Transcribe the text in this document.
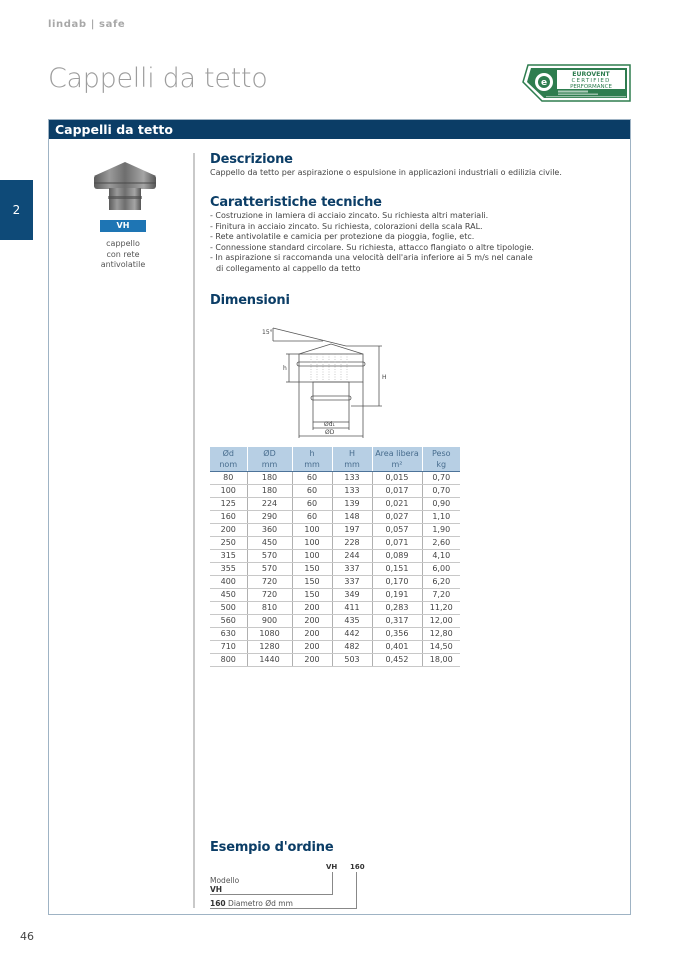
lindab | safe
Cappelli da tetto	e
EUROVENT
CERTIFIED
PERFORMANCE
2
Cappelli da tetto
VH
cappello
con rete
antivolatile
Descrizione
Cappello da tetto per aspirazione o espulsione in applicazioni industriali o edilizia civile.
Caratteristiche tecniche
- Costruzione in lamiera di acciaio zincato. Su richiesta altri materiali.
- Finitura in acciaio zincato. Su richiesta, colorazioni della scala RAL.
- Rete antivolatile e camicia per protezione da pioggia, foglie, etc.
- Connessione standard circolare. Su richiesta, attacco flangiato o altre tipologie.
- In aspirazione si raccomanda una velocità dell'aria inferiore ai 5 m/s nel canale
di collegamento al cappello da tetto
Dimensioni
15°
h
H
Ød₁
ØD
Ød	ØD	h	H	Area libera	Peso
nom	mm	mm	mm	m²	kg
80	180	60	133	0,015	0,70
100	180	60	133	0,017	0,70
125	224	60	139	0,021	0,90
160	290	60	148	0,027	1,10
200	360	100	197	0,057	1,90
250	450	100	228	0,071	2,60
315	570	100	244	0,089	4,10
355	570	150	337	0,151	6,00
400	720	150	337	0,170	6,20
450	720	150	349	0,191	7,20
500	810	200	411	0,283	11,20
560	900	200	435	0,317	12,00
630	1080	200	442	0,356	12,80
710	1280	200	482	0,401	14,50
800	1440	200	503	0,452	18,00
Esempio d'ordine
VH 160
Modello
VH
160 Diametro Ød mm
46
